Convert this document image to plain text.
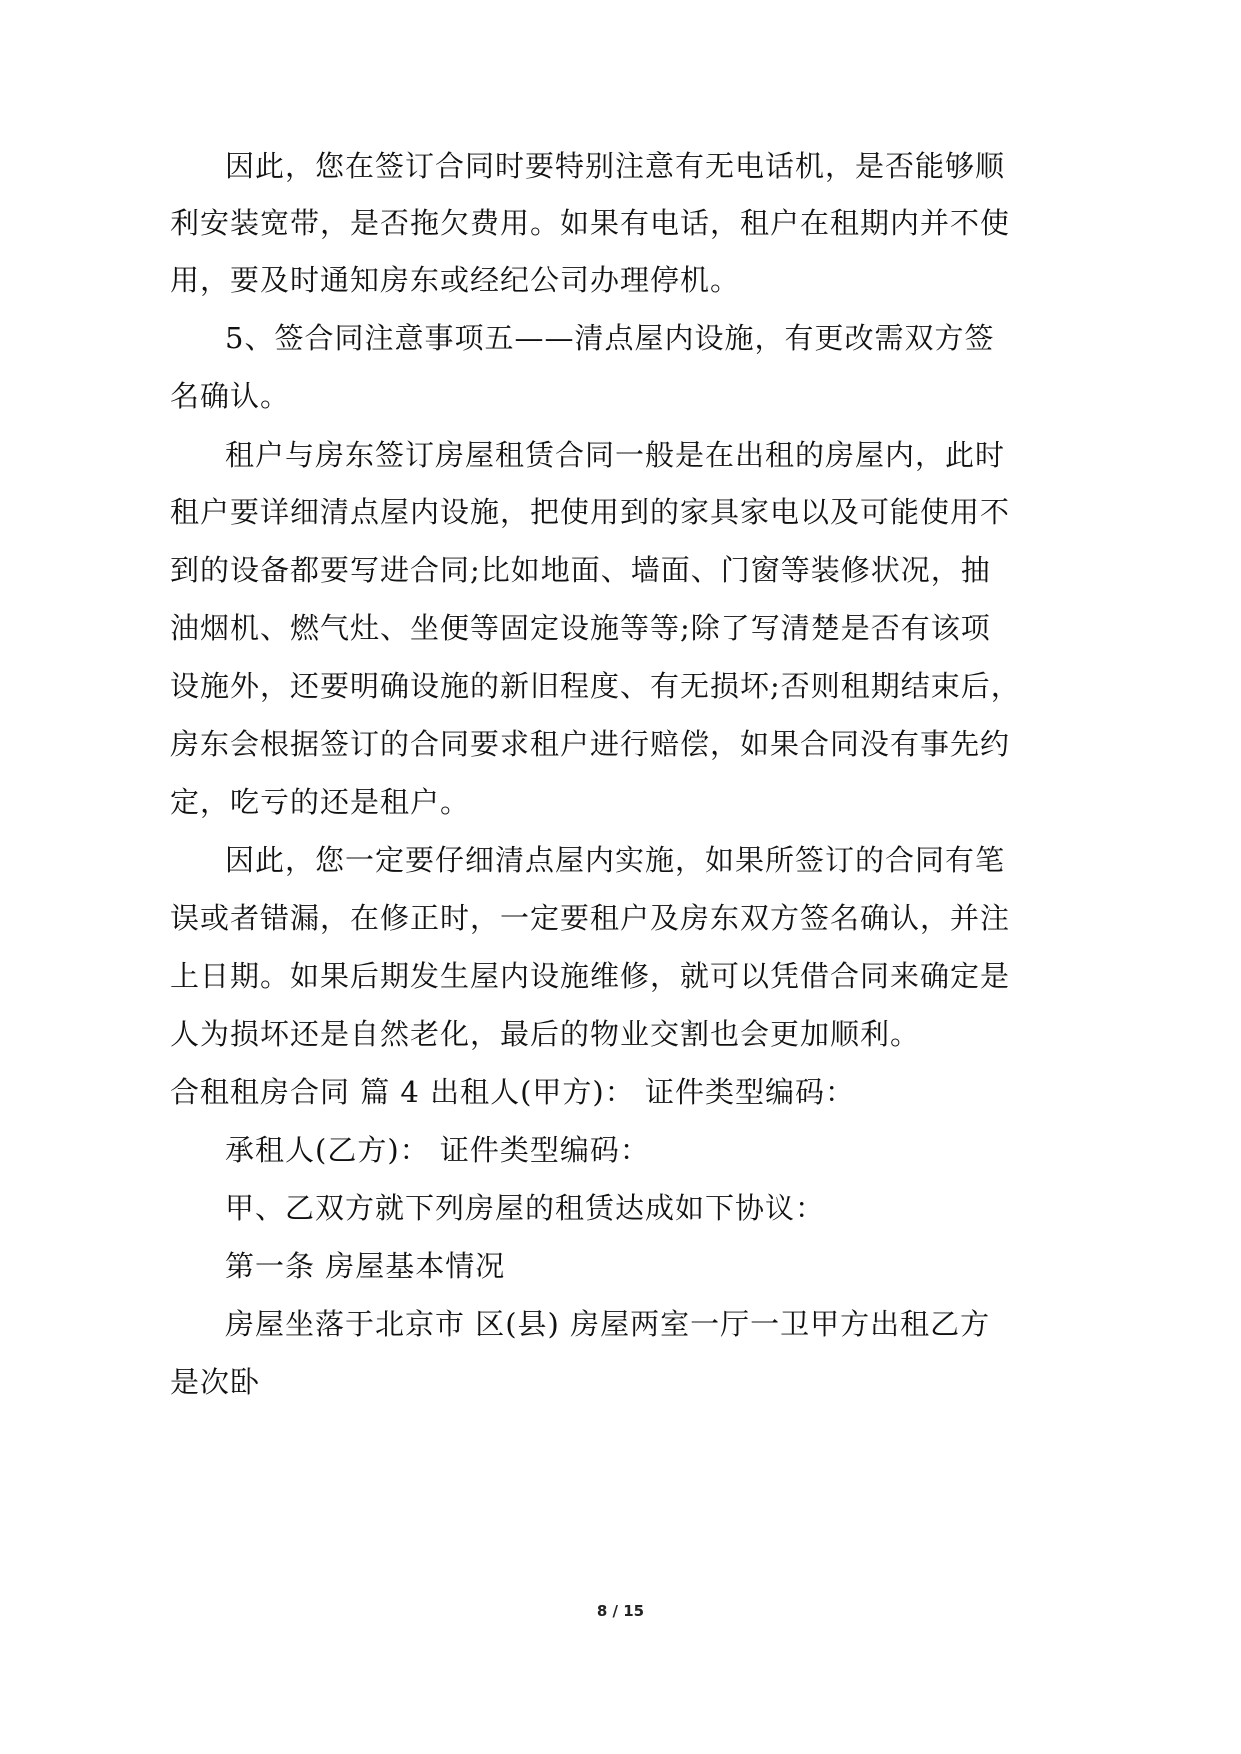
因此，您在签订合同时要特别注意有无电话机，是否能够顺
利安装宽带，是否拖欠费用。如果有电话，租户在租期内并不使
用，要及时通知房东或经纪公司办理停机。
5、签合同注意事项五——清点屋内设施，有更改需双方签
名确认。
租户与房东签订房屋租赁合同一般是在出租的房屋内，此时
租户要详细清点屋内设施，把使用到的家具家电以及可能使用不
到的设备都要写进合同;比如地面、墙面、门窗等装修状况，抽
油烟机、燃气灶、坐便等固定设施等等;除了写清楚是否有该项
设施外，还要明确设施的新旧程度、有无损坏;否则租期结束后，
房东会根据签订的合同要求租户进行赔偿，如果合同没有事先约
定，吃亏的还是租户。
因此，您一定要仔细清点屋内实施，如果所签订的合同有笔
误或者错漏，在修正时，一定要租户及房东双方签名确认，并注
上日期。如果后期发生屋内设施维修，就可以凭借合同来确定是
人为损坏还是自然老化，最后的物业交割也会更加顺利。
合租租房合同 篇 4 出租人(甲方)： 证件类型编码：
承租人(乙方)： 证件类型编码：
甲、乙双方就下列房屋的租赁达成如下协议：
第一条 房屋基本情况
房屋坐落于北京市 区(县) 房屋两室一厅一卫甲方出租乙方
是次卧
8 / 15
